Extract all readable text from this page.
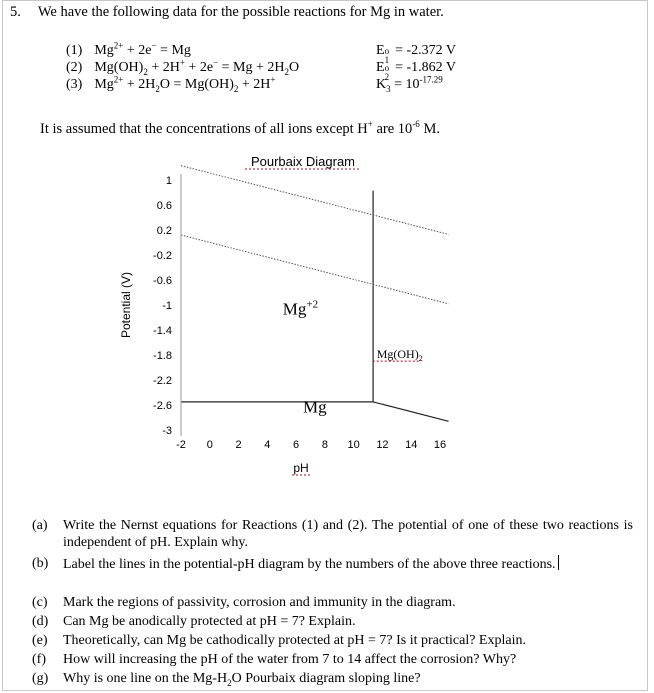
5. We have the following data for the possible reactions for Mg in water.
(1) $Mg^{2+} + 2e^- = Mg$	E o
1
= -2.372 V
(2) $Mg(OH)_2 + 2H^+ + 2e^- = Mg + 2H_2O$	E o
2
= -1.862 V
(3) $Mg^{2+} + 2H_2O = Mg(OH)_2 + 2H^+$	$K_3 = 10^{-17.29}$
It is assumed that the concentrations of all ions except H+ are $10^{-6}$ M.
Pourbaix Diagram
1
0.6
0.2
-0.2
-0.6
-1
-1.4
-1.8
-2.2
-2.6
-3
-2 0 2 4 6 8 10 12 14 16
Potential (V)
pH
$Mg^{+2}$
$Mg(OH)_2$
Mg
(a) Write the Nernst equations for Reactions (1) and (2). The potential of one of these two reactions is independent of pH. Explain why.
(b) Label the lines in the potential-pH diagram by the numbers of the above three reactions.
(c) Mark the regions of passivity, corrosion and immunity in the diagram.
(d) Can Mg be anodically protected at pH = 7? Explain.
(e) Theoretically, can Mg be cathodically protected at pH = 7? Is it practical? Explain.
(f) How will increasing the pH of the water from 7 to 14 affect the corrosion? Why?
(g) Why is one line on the $Mg-H_2O$ Pourbaix diagram sloping line?
